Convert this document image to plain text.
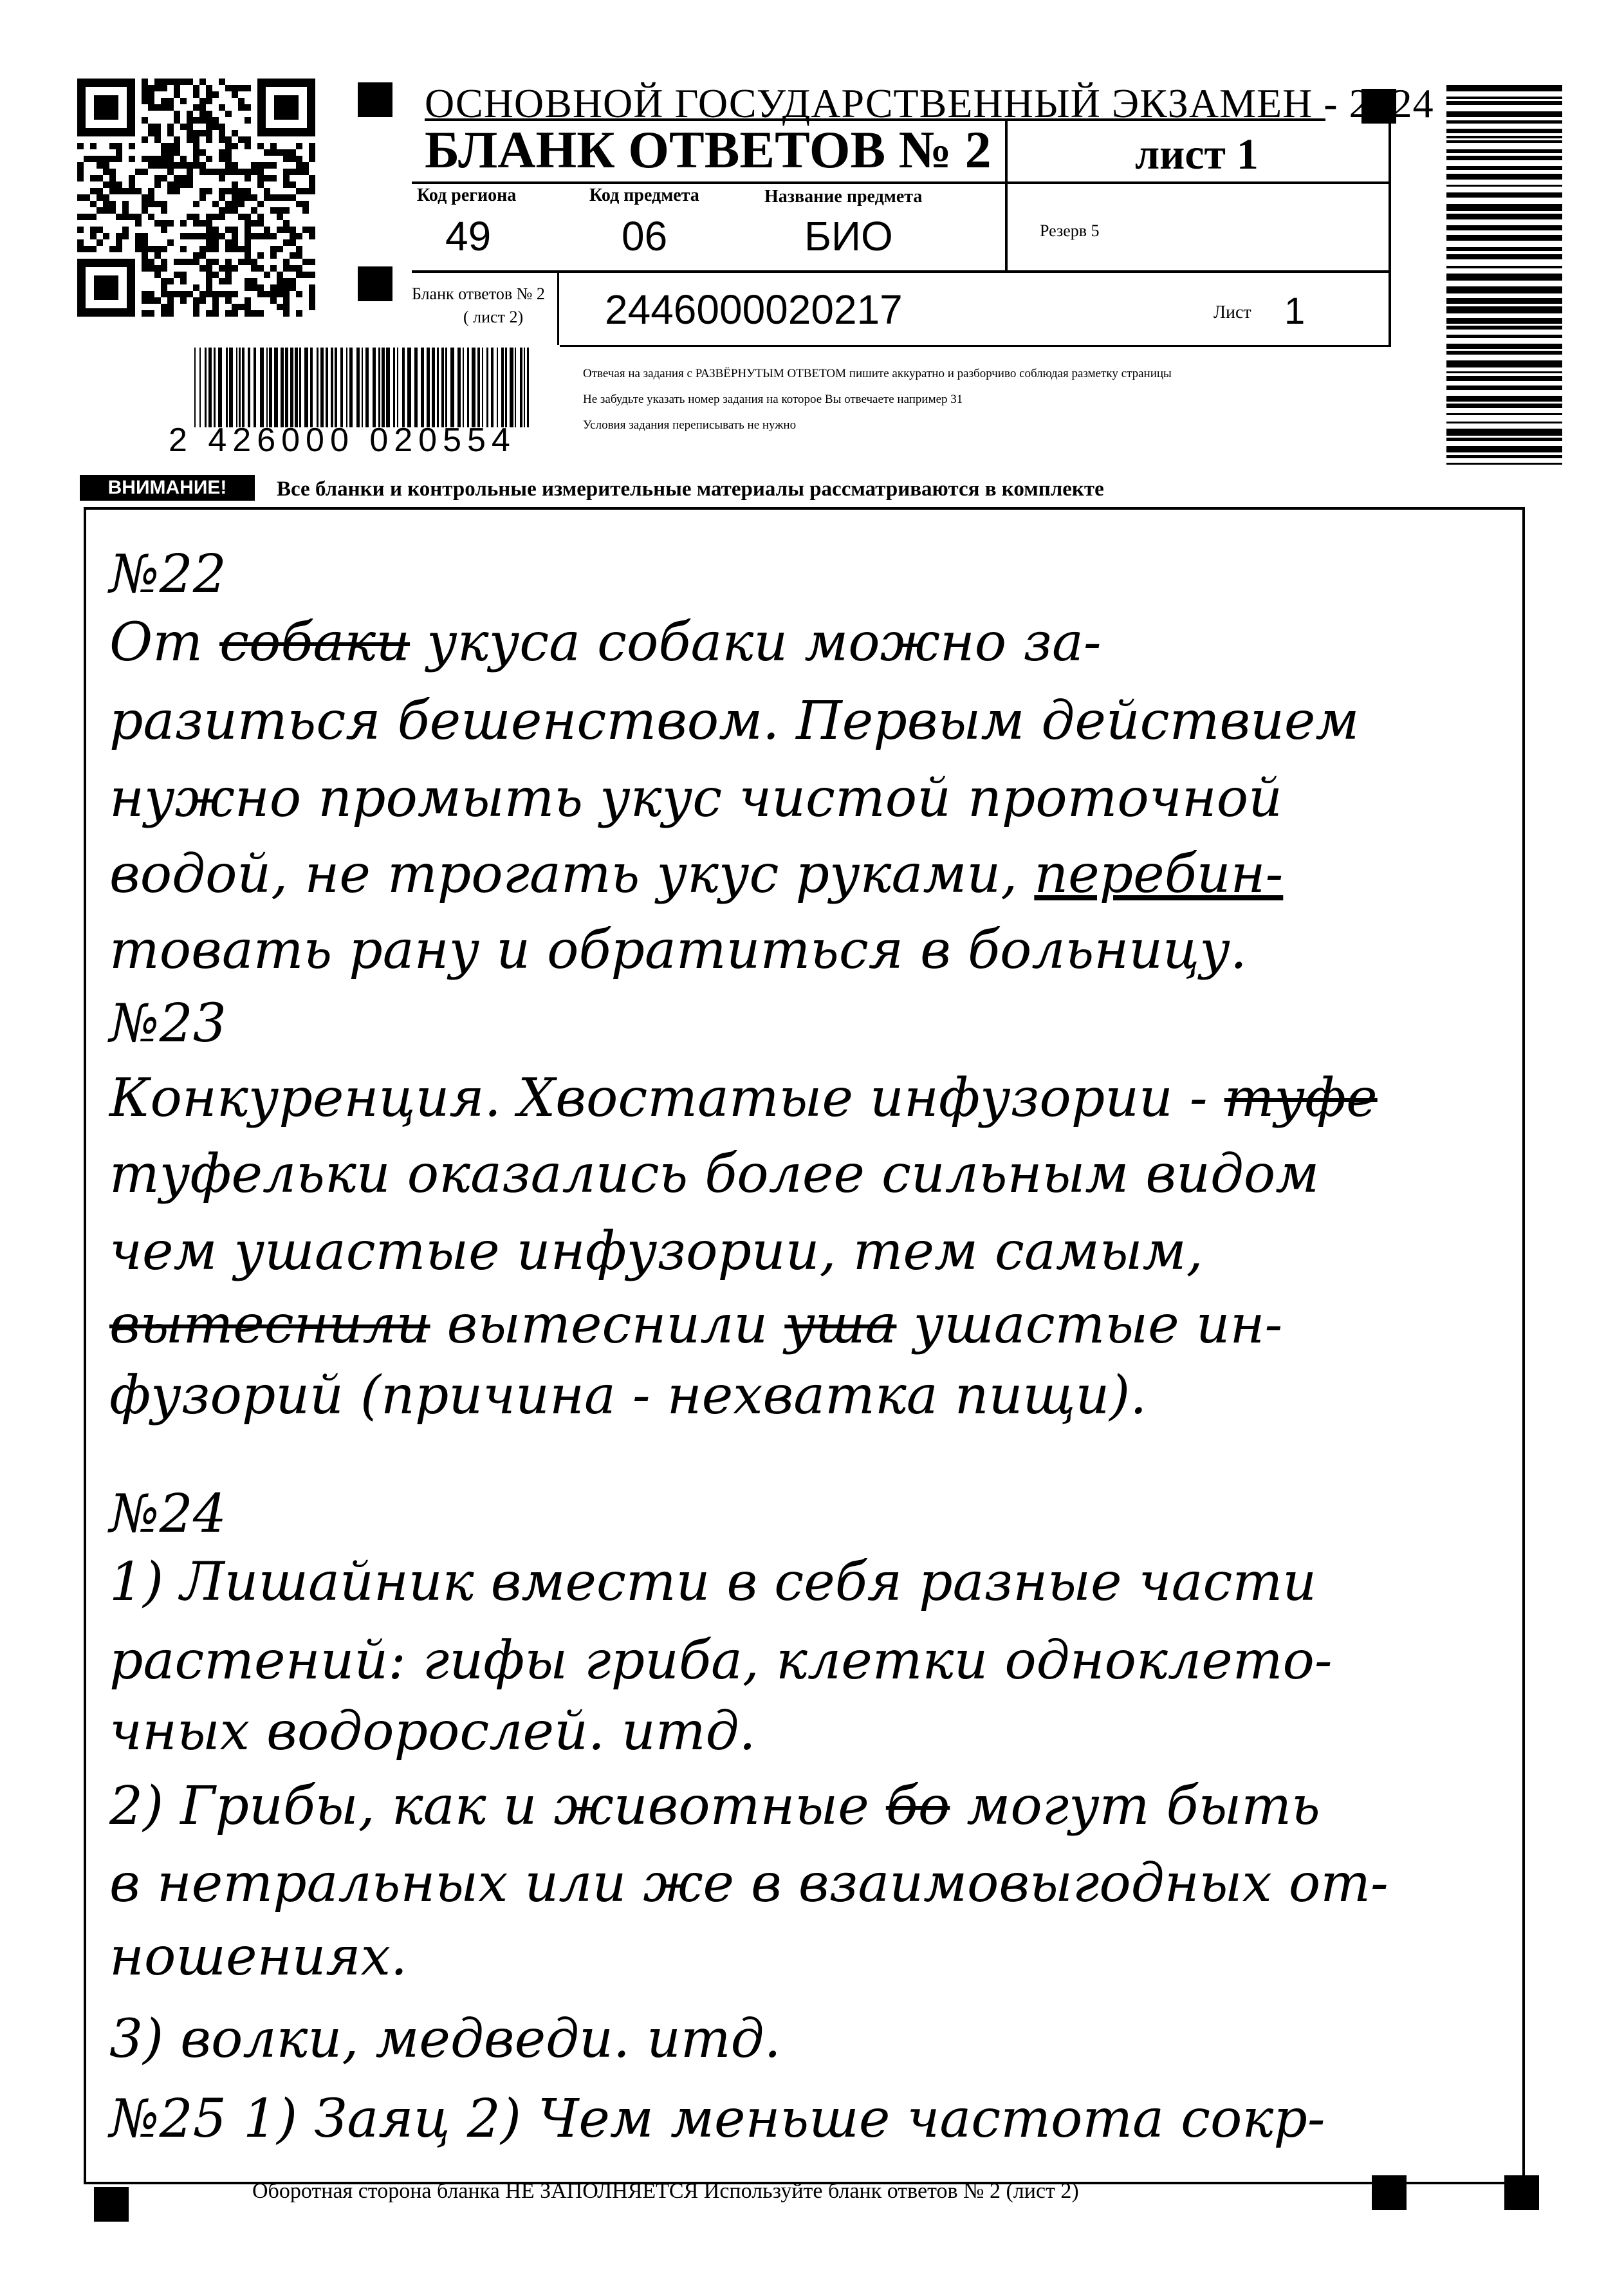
ОСНОВНОЙ ГОСУДАРСТВЕННЫЙ ЭКЗАМЕН - 2024
БЛАНК ОТВЕТОВ № 2	лист 1
Код региона
49
Код предмета
06
Название предмета
БИО	Резерв 5
Бланк ответов № 2
( лист 2) 2446000020217	Лист 1
Отвечая на задания с РАЗВЁРНУТЫМ ОТВЕТОМ пишите аккуратно и разборчиво соблюдая разметку страницы
Не забудьте указать номер задания на которое Вы отвечаете например 31
Условия задания переписывать не нужно
2 426000 020554
ВНИМАНИЕ!	Все бланки и контрольные измерительные материалы рассматриваются в комплекте
№22
От собаки укуса собаки можно за-
разиться бешенством. Первым действием
нужно промыть укус чистой проточной
водой, не трогать укус руками, перебин-
товать рану и обратиться в больницу.
№23
Конкуренция. Хвостатые инфузории - туфе
туфельки оказались более сильным видом
чем ушастые инфузории, тем самым,
вытеснили вытеснили уша ушастые ин-
фузорий (причина - нехватка пищи).
№24
1) Лишайник вмести в себя разные части
растений: гифы гриба, клетки одноклето-
чных водорослей. итд.
2) Грибы, как и животные бо могут быть
в нетральных или же в взаимовыгодных от-
ношениях.
3) волки, медведи. итд.
№25 1) Заяц 2) Чем меньше частота сокр-
Оборотная сторона бланка НЕ ЗАПОЛНЯЕТСЯ Используйте бланк ответов № 2 (лист 2)
